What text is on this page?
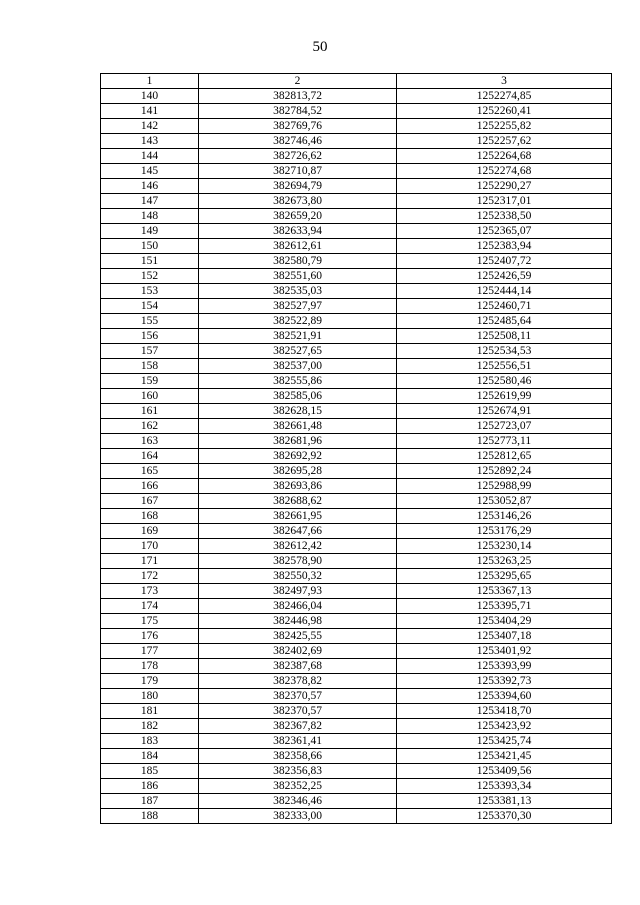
50
1	2	3
140	382813,72	1252274,85
141	382784,52	1252260,41
142	382769,76	1252255,82
143	382746,46	1252257,62
144	382726,62	1252264,68
145	382710,87	1252274,68
146	382694,79	1252290,27
147	382673,80	1252317,01
148	382659,20	1252338,50
149	382633,94	1252365,07
150	382612,61	1252383,94
151	382580,79	1252407,72
152	382551,60	1252426,59
153	382535,03	1252444,14
154	382527,97	1252460,71
155	382522,89	1252485,64
156	382521,91	1252508,11
157	382527,65	1252534,53
158	382537,00	1252556,51
159	382555,86	1252580,46
160	382585,06	1252619,99
161	382628,15	1252674,91
162	382661,48	1252723,07
163	382681,96	1252773,11
164	382692,92	1252812,65
165	382695,28	1252892,24
166	382693,86	1252988,99
167	382688,62	1253052,87
168	382661,95	1253146,26
169	382647,66	1253176,29
170	382612,42	1253230,14
171	382578,90	1253263,25
172	382550,32	1253295,65
173	382497,93	1253367,13
174	382466,04	1253395,71
175	382446,98	1253404,29
176	382425,55	1253407,18
177	382402,69	1253401,92
178	382387,68	1253393,99
179	382378,82	1253392,73
180	382370,57	1253394,60
181	382370,57	1253418,70
182	382367,82	1253423,92
183	382361,41	1253425,74
184	382358,66	1253421,45
185	382356,83	1253409,56
186	382352,25	1253393,34
187	382346,46	1253381,13
188	382333,00	1253370,30
